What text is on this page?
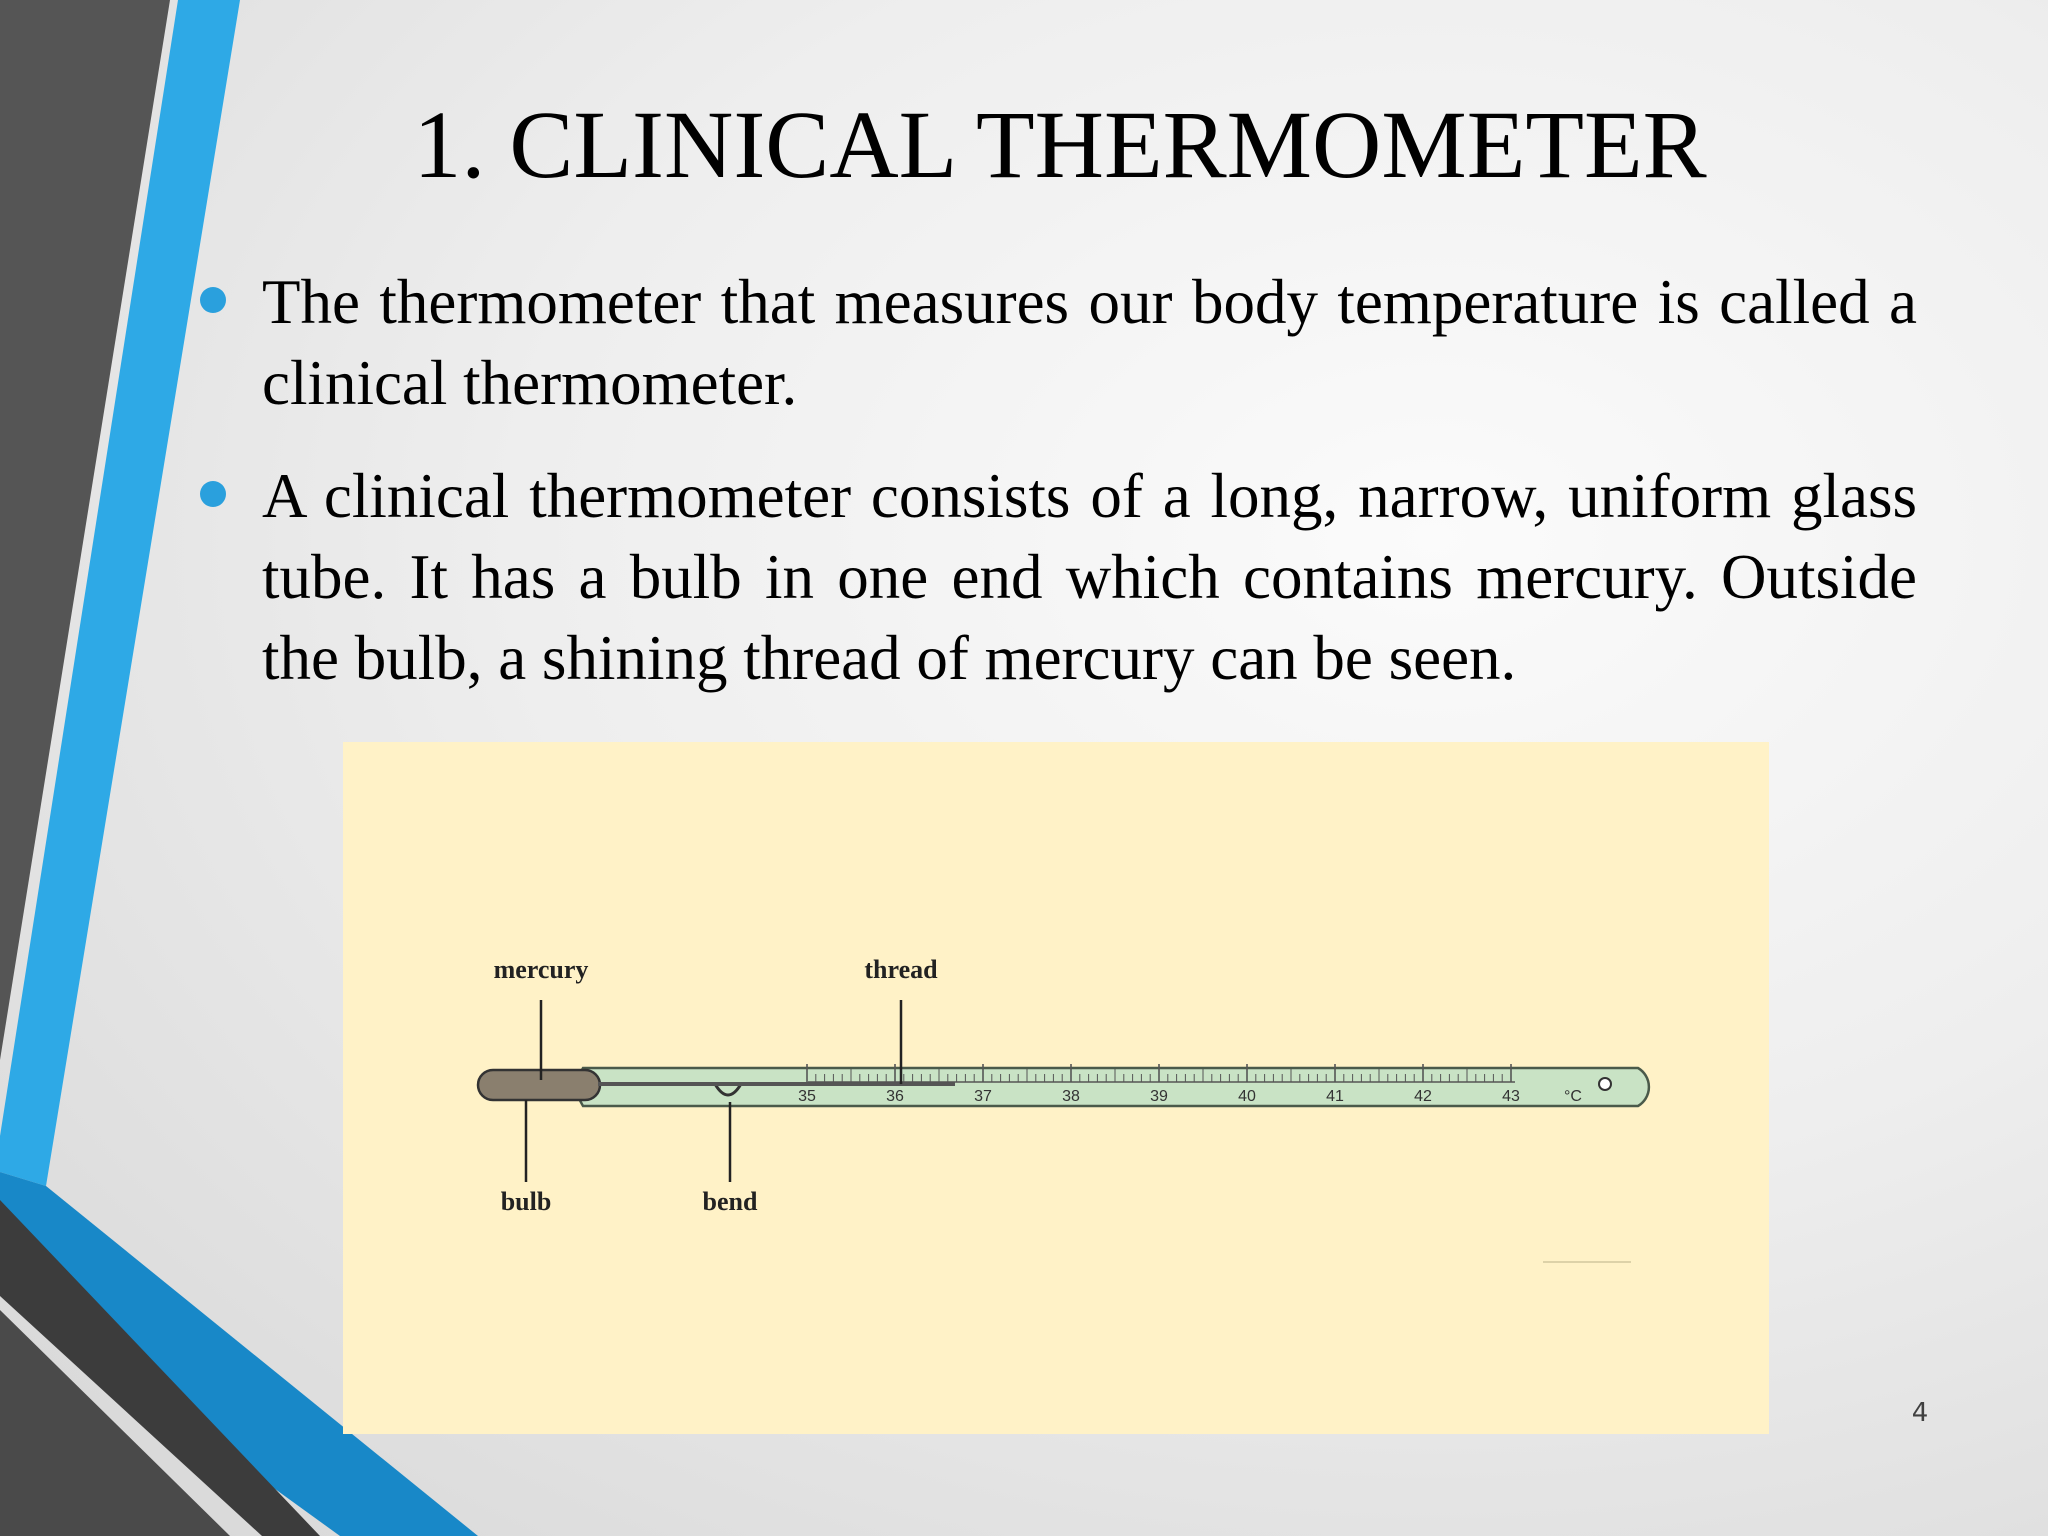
1. CLINICAL THERMOMETER
The thermometer that measures our body temperature is called a clinical thermometer.
A clinical thermometer consists of a long, narrow, uniform glass tube. It has a bulb in one end which contains mercury. Outside the bulb, a shining thread of mercury can be seen.
35	36	37	38	39	40	41	42	43	°C
mercury	thread
bulb	bend
4
